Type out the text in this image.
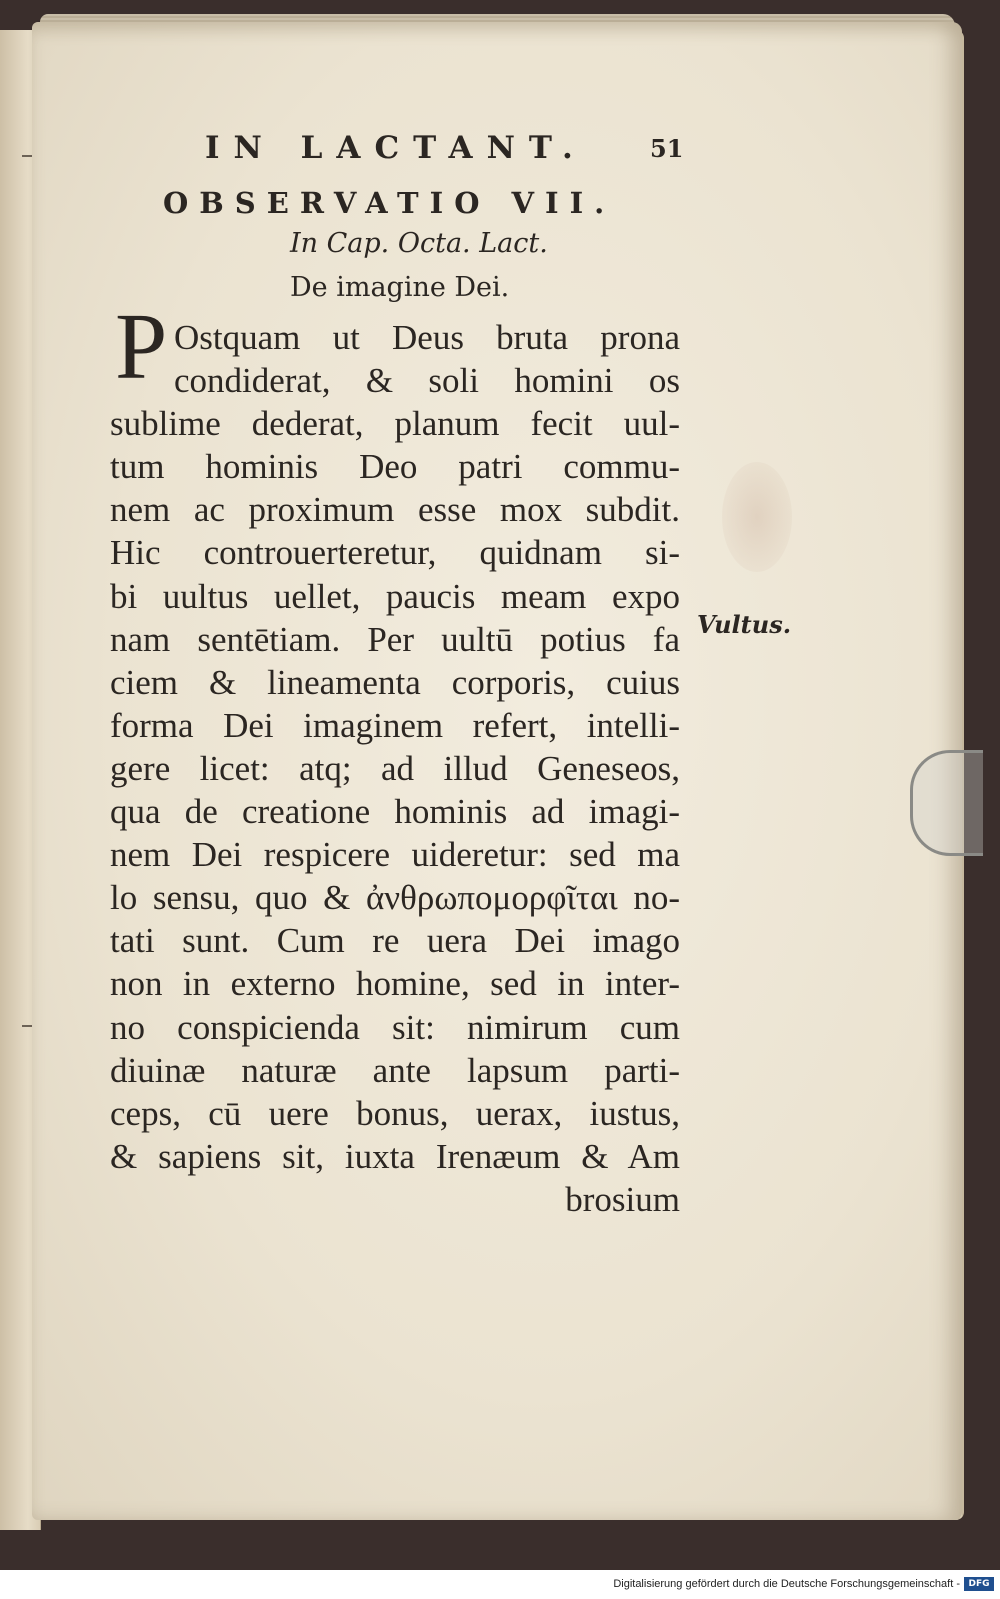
IN LACTANT.	51
OBSERVATIO VII.
In Cap. Octa. Lact.
De imagine Dei.
P Ostquam ut Deus bruta prona
condiderat, & soli homini os
sublime dederat, planum fecit uul-
tum hominis Deo patri commu-
nem ac proximum esse mox subdit.
Hic controuerteretur, quidnam si-
bi uultus uellet, paucis meam expo
nam sentētiam. Per uultū potius fa
ciem & lineamenta corporis, cuius
forma Dei imaginem refert, intelli-
gere licet: atq; ad illud Geneseos,
qua de creatione hominis ad imagi-
nem Dei respicere uideretur: sed ma
lo sensu, quo & ἀνθρωπομορφῖται no-
tati sunt. Cum re uera Dei imago
non in externo homine, sed in inter-
no conspicienda sit: nimirum cum
diuinæ naturæ ante lapsum parti-
ceps, cū uere bonus, uerax, iustus,
& sapiens sit, iuxta Irenæum & Am
brosium
Vultus.
Digitalisierung gefördert durch die Deutsche Forschungsgemeinschaft - DFG
